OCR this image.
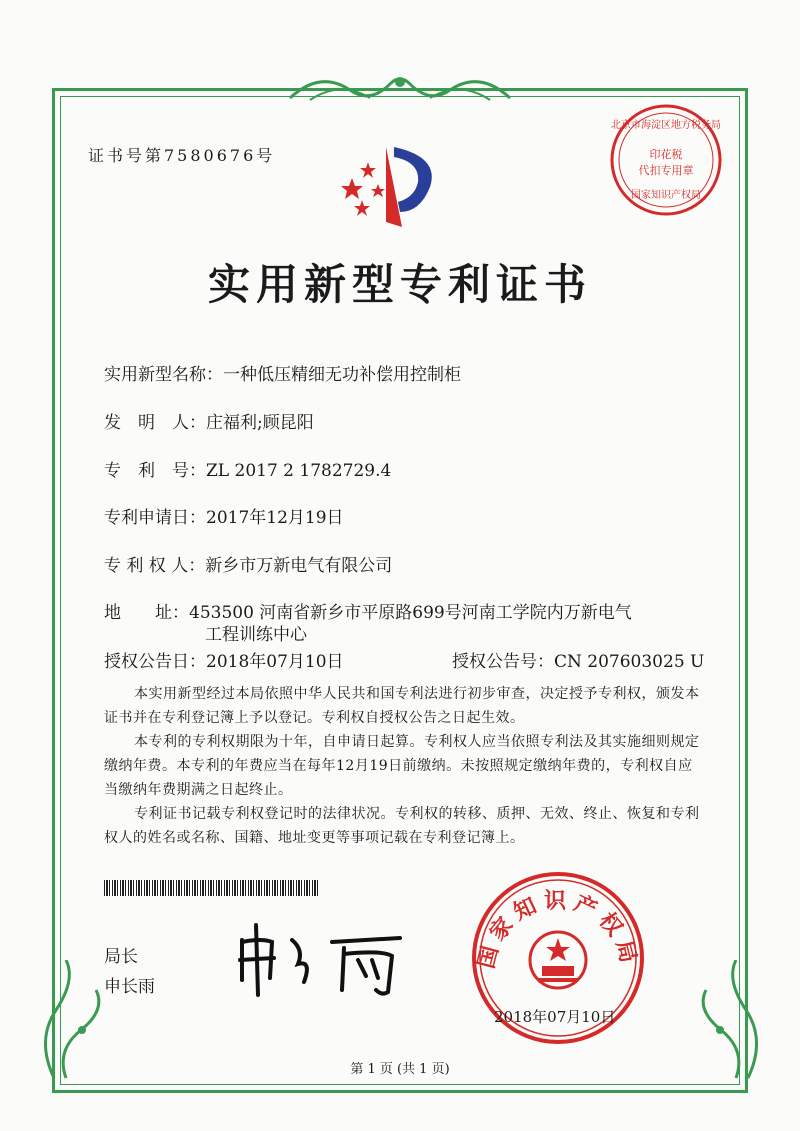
证书号第7580676号
北京市海淀区地方税务局
印花税
代扣专用章
国家知识产权局
实用新型专利证书
实用新型名称：一种低压精细无功补偿用控制柜
发　明　人：庄福利;顾昆阳
专　利　号：ZL 2017 2 1782729.4
专利申请日：2017年12月19日
专 利 权 人：新乡市万新电气有限公司
地　　址：453500 河南省新乡市平原路699号河南工学院内万新电气
工程训练中心
授权公告日：2018年07月10日	授权公告号：CN 207603025 U
本实用新型经过本局依照中华人民共和国专利法进行初步审查，决定授予专利权，颁发本证书并在专利登记簿上予以登记。专利权自授权公告之日起生效。
本专利的专利权期限为十年，自申请日起算。专利权人应当依照专利法及其实施细则规定缴纳年费。本专利的年费应当在每年12月19日前缴纳。未按照规定缴纳年费的，专利权自应当缴纳年费期满之日起终止。
专利证书记载专利权登记时的法律状况。专利权的转移、质押、无效、终止、恢复和专利权人的姓名或名称、国籍、地址变更等事项记载在专利登记簿上。
局长
申长雨
国家知识产权局
2018年07月10日
第 1 页 (共 1 页)
